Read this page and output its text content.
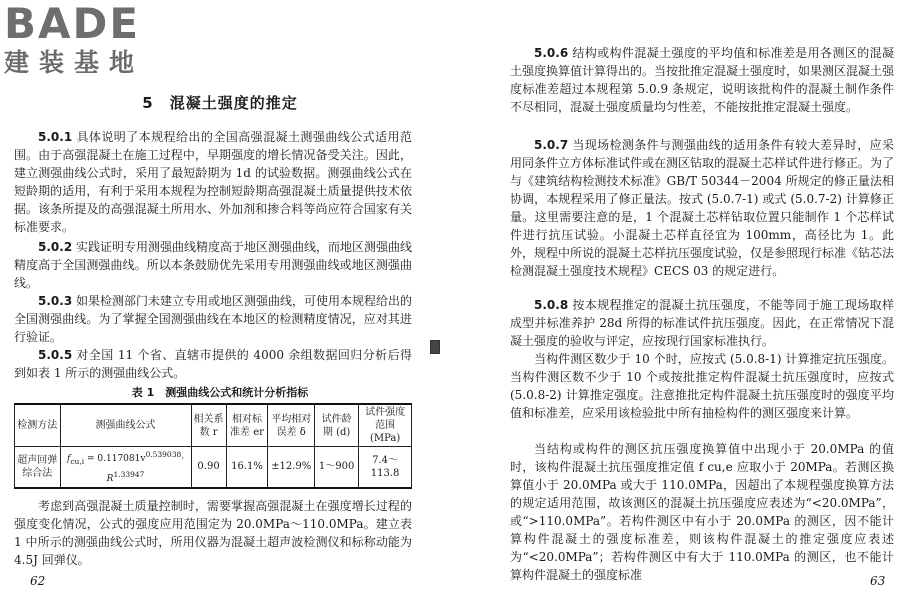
BADE
建装基地
5　混凝土强度的推定
5.0.1 具体说明了本规程给出的全国高强混凝土测强曲线公式适用范围。由于高强混凝土在施工过程中，早期强度的增长情况备受关注。因此，建立测强曲线公式时，采用了最短龄期为 1d 的试验数据。测强曲线公式在短龄期的适用，有利于采用本规程为控制短龄期高强混凝土质量提供技术依据。该条所提及的高强混凝土所用水、外加剂和掺合料等尚应符合国家有关标准要求。
5.0.2 实践证明专用测强曲线精度高于地区测强曲线，而地区测强曲线精度高于全国测强曲线。所以本条鼓励优先采用专用测强曲线或地区测强曲线。
5.0.3 如果检测部门未建立专用或地区测强曲线，可使用本规程给出的全国测强曲线。为了掌握全国测强曲线在本地区的检测精度情况，应对其进行验证。
5.0.5 对全国 11 个省、直辖市提供的 4000 余组数据回归分析后得到如表 1 所示的测强曲线公式。
表 1　测强曲线公式和统计分析指标
检测方法	测强曲线公式	相关系数 r	相对标准差 er	平均相对误差 δ	试件龄期 (d)	试件强度范围 (MPa)
超声回弹综合法	$f_{cu,i} = 0.117081v^{0.539038}\cdot$
$R^{1.33947}$	0.90	16.1%	±12.9%	1～900	7.4～113.8
考虑到高强混凝土质量控制时，需要掌握高强混凝土在强度增长过程的强度变化情况，公式的强度应用范围定为 20.0MPa～110.0MPa。建立表 1 中所示的测强曲线公式时，所用仪器为混凝土超声波检测仪和标称动能为 4.5J 回弹仪。
62
5.0.6 结构或构件混凝土强度的平均值和标准差是用各测区的混凝土强度换算值计算得出的。当按批推定混凝土强度时，如果测区混凝土强度标准差超过本规程第 5.0.9 条规定，说明该批构件的混凝土制作条件不尽相同，混凝土强度质量均匀性差，不能按批推定混凝土强度。
5.0.7 当现场检测条件与测强曲线的适用条件有较大差异时，应采用同条件立方体标准试件或在测区钻取的混凝土芯样试件进行修正。为了与《建筑结构检测技术标准》GB/T 50344－2004 所规定的修正量法相协调，本规程采用了修正量法。按式 (5.0.7-1) 或式 (5.0.7-2) 计算修正量。这里需要注意的是，1 个混凝土芯样钻取位置只能制作 1 个芯样试件进行抗压试验。小混凝土芯样直径宜为 100mm，高径比为 1。此外，规程中所说的混凝土芯样抗压强度试验，仅是参照现行标准《钻芯法检测混凝土强度技术规程》CECS 03 的规定进行。
5.0.8 按本规程推定的混凝土抗压强度，不能等同于施工现场取样成型并标准养护 28d 所得的标准试件抗压强度。因此，在正常情况下混凝土强度的验收与评定，应按现行国家标准执行。
当构件测区数少于 10 个时，应按式 (5.0.8-1) 计算推定抗压强度。当构件测区数不少于 10 个或按批推定构件混凝土抗压强度时，应按式 (5.0.8-2) 计算推定强度。注意推批定构件混凝土抗压强度时的强度平均值和标准差，应采用该检验批中所有抽检构件的测区强度来计算。
当结构或构件的测区抗压强度换算值中出现小于 20.0MPa 的值时，该构件混凝土抗压强度推定值 f cu,e 应取小于 20MPa。若测区换算值小于 20.0MPa 或大于 110.0MPa，因超出了本规程强度换算方法的规定适用范围，故该测区的混凝土抗压强度应表述为“<20.0MPa”，或“>110.0MPa”。若构件测区中有小于 20.0MPa 的测区，因不能计算构件混凝土的强度标准差，则该构件混凝土的推定强度应表述为“<20.0MPa”；若构件测区中有大于 110.0MPa 的测区，也不能计算构件混凝土的强度标准	63
